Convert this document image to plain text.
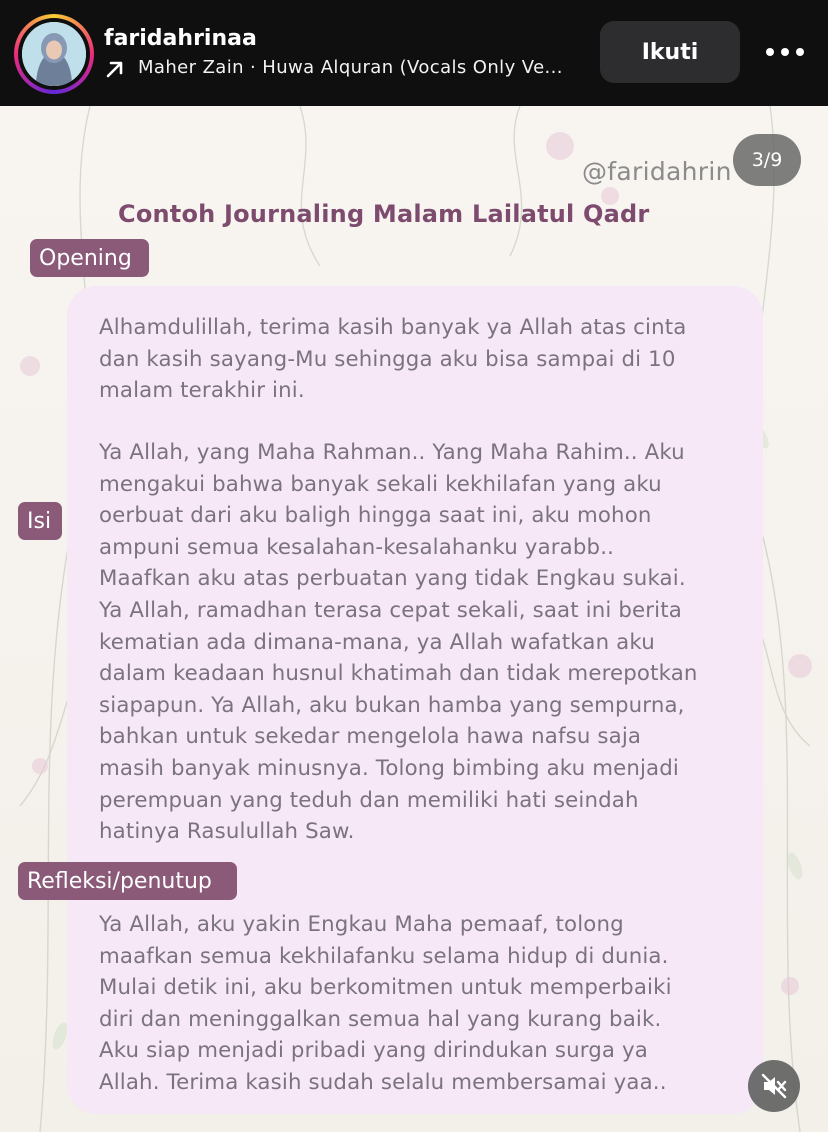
faridahrinaa
Maher Zain · Huwa Alquran (Vocals Only Ve...
Ikuti
@faridahrin	3/9
Contoh Journaling Malam Lailatul Qadr
Opening
Isi
Refleksi/penutup
Alhamdulillah, terima kasih banyak ya Allah atas cinta
dan kasih sayang-Mu sehingga aku bisa sampai di 10
malam terakhir ini.
Ya Allah, yang Maha Rahman.. Yang Maha Rahim.. Aku
mengakui bahwa banyak sekali kekhilafan yang aku
oerbuat dari aku baligh hingga saat ini, aku mohon
ampuni semua kesalahan-kesalahanku yarabb..
Maafkan aku atas perbuatan yang tidak Engkau sukai.
Ya Allah, ramadhan terasa cepat sekali, saat ini berita
kematian ada dimana-mana, ya Allah wafatkan aku
dalam keadaan husnul khatimah dan tidak merepotkan
siapapun. Ya Allah, aku bukan hamba yang sempurna,
bahkan untuk sekedar mengelola hawa nafsu saja
masih banyak minusnya. Tolong bimbing aku menjadi
perempuan yang teduh dan memiliki hati seindah
hatinya Rasulullah Saw.
Ya Allah, aku yakin Engkau Maha pemaaf, tolong
maafkan semua kekhilafanku selama hidup di dunia.
Mulai detik ini, aku berkomitmen untuk memperbaiki
diri dan meninggalkan semua hal yang kurang baik.
Aku siap menjadi pribadi yang dirindukan surga ya
Allah. Terima kasih sudah selalu membersamai yaa..
